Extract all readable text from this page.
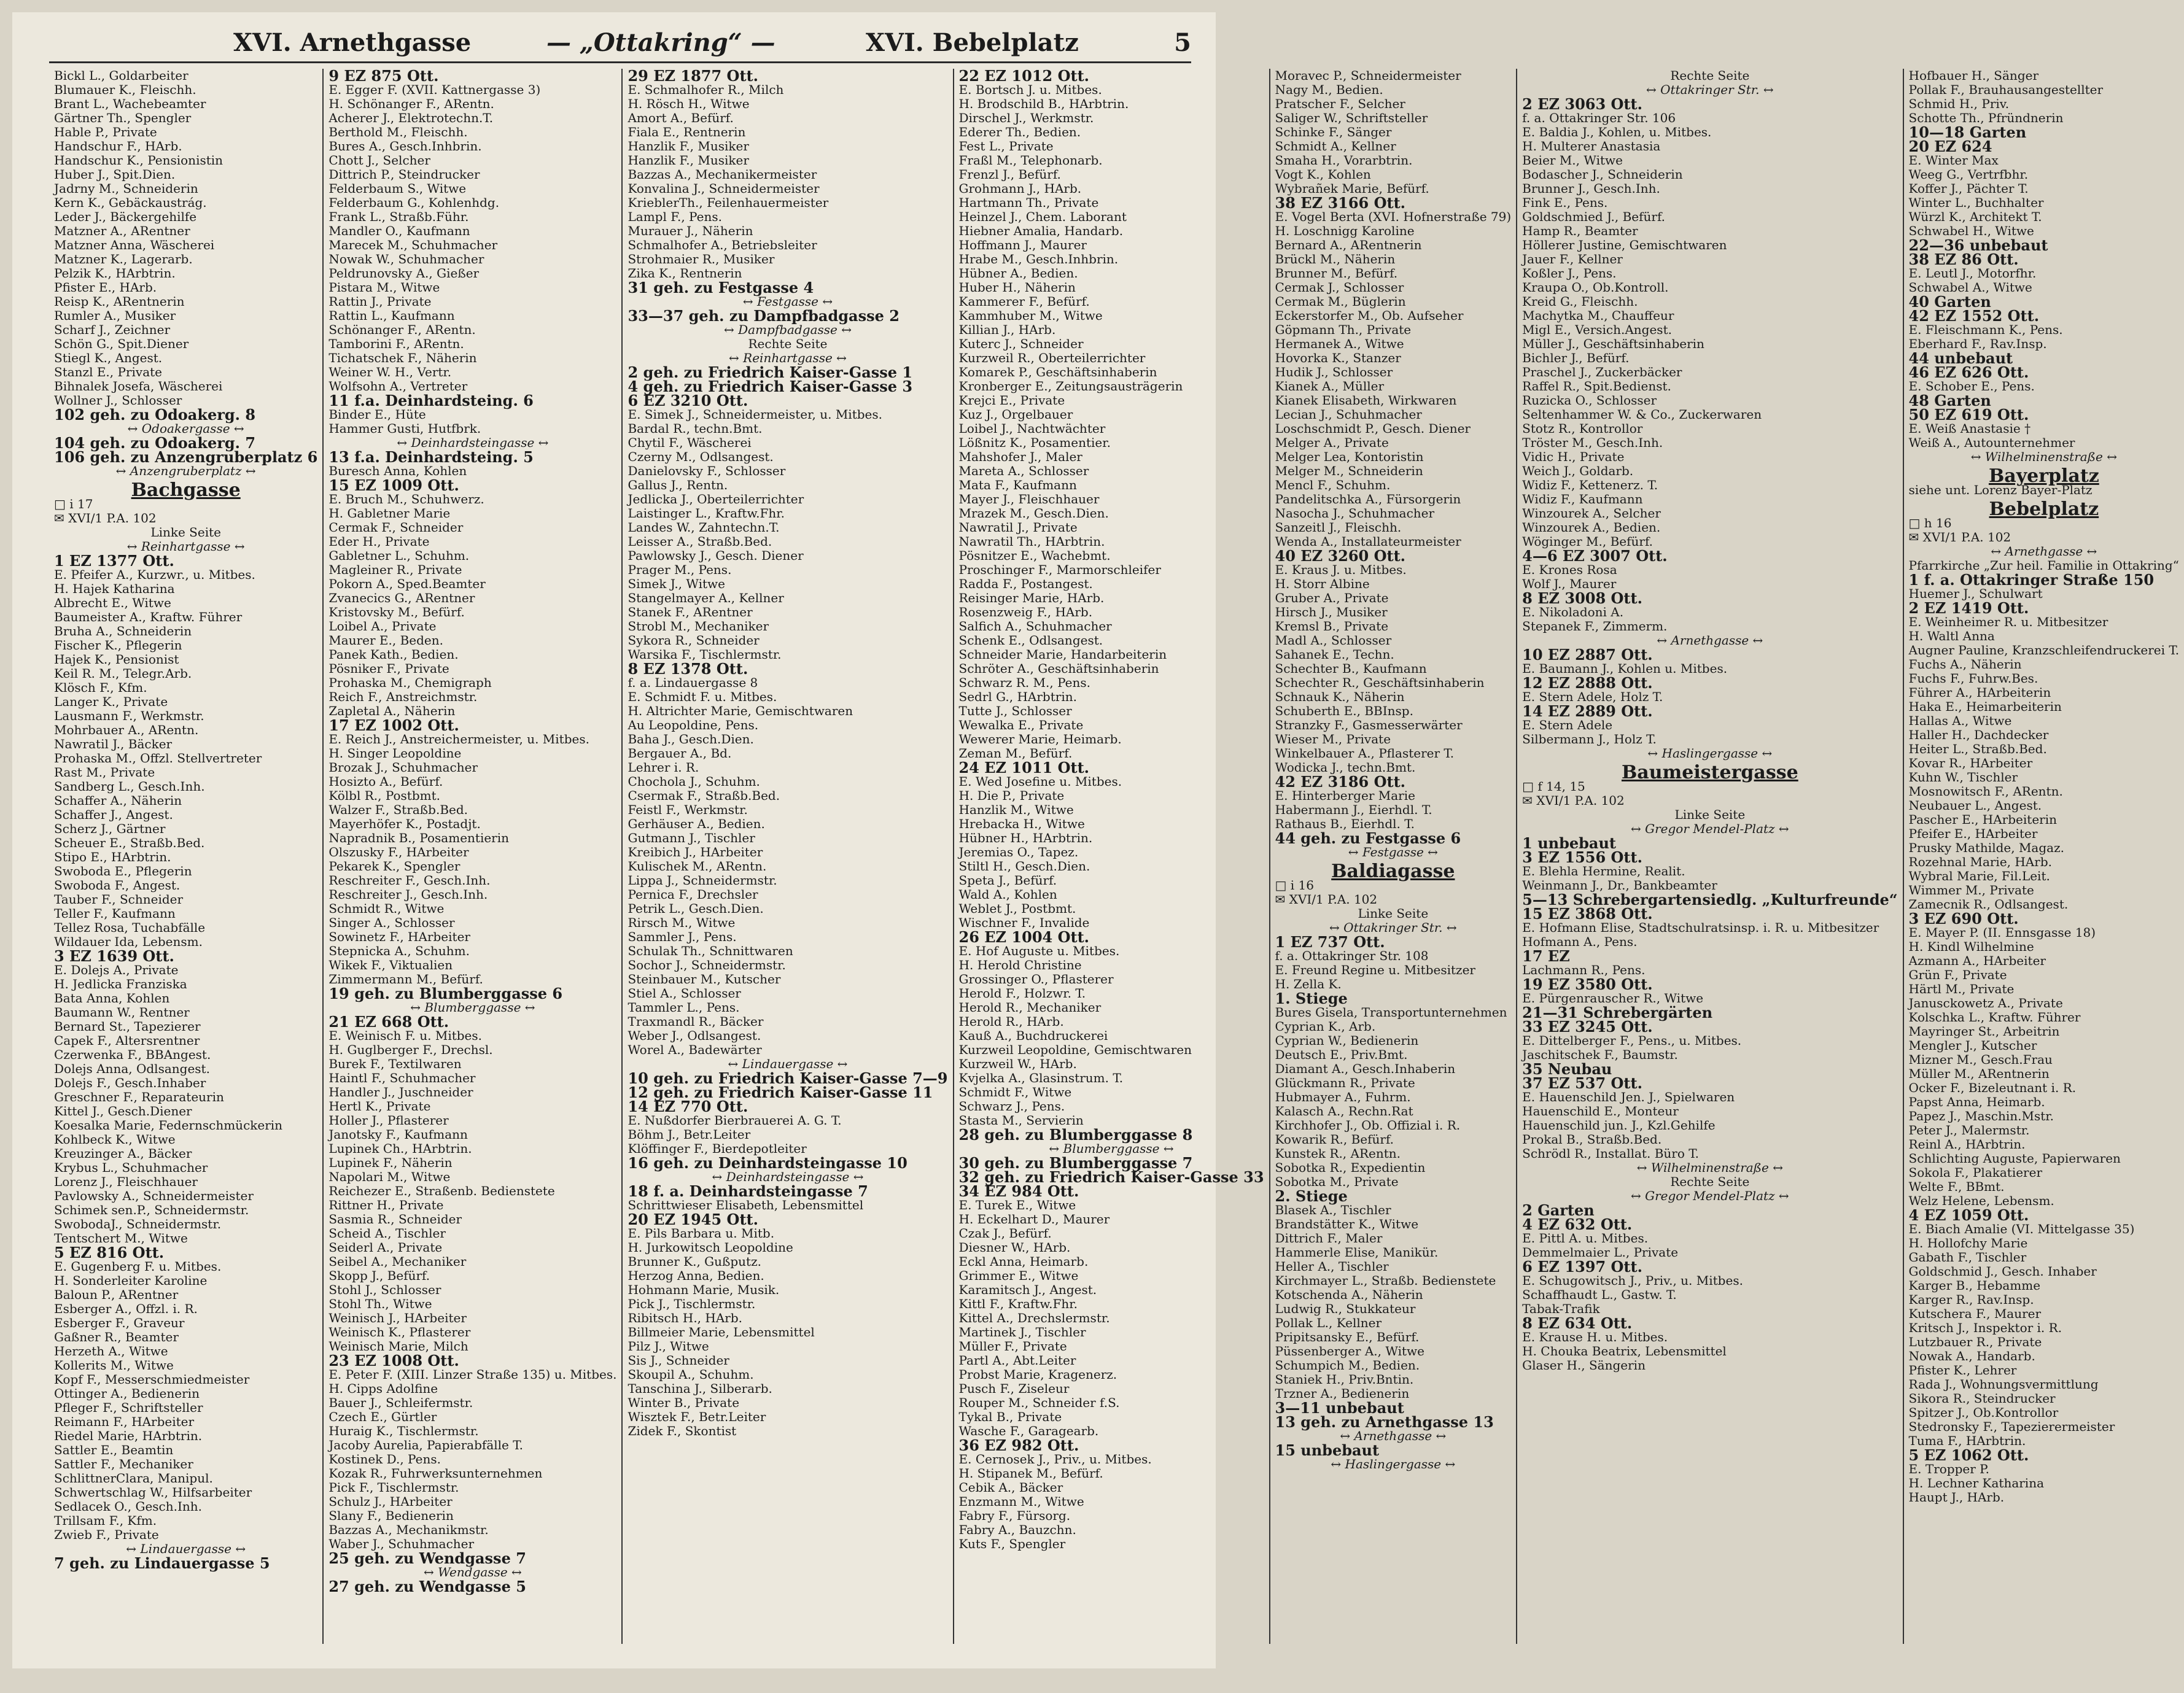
XVI. Arnethgasse	— „Ottakring“ —	XVI. Bebelplatz	5
Bickl L., Goldarbeiter
Blumauer K., Fleischh.
Brant L., Wachebeamter
Gärtner Th., Spengler
Hable P., Private
Handschur F., HArb.
Handschur K., Pensionistin
Huber J., Spit.Dien.
Jadrny M., Schneiderin
Kern K., Gebäckaustrág.
Leder J., Bäckergehilfe
Matzner A., ARentner
Matzner Anna, Wäscherei
Matzner K., Lagerarb.
Pelzik K., HArbtrin.
Pfister E., HArb.
Reisp K., ARentnerin
Rumler A., Musiker
Scharf J., Zeichner
Schön G., Spit.Diener
Stiegl K., Angest.
Stanzl E., Private
Bihnalek Josefa, Wäscherei
Wollner J., Schlosser
102 geh. zu Odoakerg. 8
↔ Odoakergasse ↔
104 geh. zu Odoakerg. 7
106 geh. zu Anzengruberplatz 6
↔ Anzengruberplatz ↔
Bachgasse
□ i 17
✉ XVI/1 P.A. 102
Linke Seite
↔ Reinhartgasse ↔
1 EZ 1377 Ott.
E. Pfeifer A., Kurzwr., u. Mitbes.
H. Hajek Katharina
Albrecht E., Witwe
Baumeister A., Kraftw. Führer
Bruha A., Schneiderin
Fischer K., Pflegerin
Hajek K., Pensionist
Keil R. M., Telegr.Arb.
Klösch F., Kfm.
Langer K., Private
Lausmann F., Werkmstr.
Mohrbauer A., ARentn.
Nawratil J., Bäcker
Prohaska M., Offzl. Stellvertreter
Rast M., Private
Sandberg L., Gesch.Inh.
Schaffer A., Näherin
Schaffer J., Angest.
Scherz J., Gärtner
Scheuer E., Straßb.Bed.
Stipo E., HArbtrin.
Swoboda E., Pflegerin
Swoboda F., Angest.
Tauber F., Schneider
Teller F., Kaufmann
Tellez Rosa, Tuchabfälle
Wildauer Ida, Lebensm.
3 EZ 1639 Ott.
E. Dolejs A., Private
H. Jedlicka Franziska
Bata Anna, Kohlen
Baumann W., Rentner
Bernard St., Tapezierer
Capek F., Altersrentner
Czerwenka F., BBAngest.
Dolejs Anna, Odlsangest.
Dolejs F., Gesch.Inhaber
Greschner F., Reparateurin
Kittel J., Gesch.Diener
Koesalka Marie, Federnschmückerin
Kohlbeck K., Witwe
Kreuzinger A., Bäcker
Krybus L., Schuhmacher
Lorenz J., Fleischhauer
Pavlowsky A., Schneidermeister
Schimek sen.P., Schneidermstr.
SwobodaJ., Schneidermstr.
Tentschert M., Witwe
5 EZ 816 Ott.
E. Gugenberg F. u. Mitbes.
H. Sonderleiter Karoline
Baloun P., ARentner
Esberger A., Offzl. i. R.
Esberger F., Graveur
Gaßner R., Beamter
Herzeth A., Witwe
Kollerits M., Witwe
Kopf F., Messerschmiedmeister
Ottinger A., Bedienerin
Pfleger F., Schriftsteller
Reimann F., HArbeiter
Riedel Marie, HArbtrin.
Sattler E., Beamtin
Sattler F., Mechaniker
SchlittnerClara, Manipul.
Schwertschlag W., Hilfsarbeiter
Sedlacek O., Gesch.Inh.
Trillsam F., Kfm.
Zwieb F., Private
↔ Lindauergasse ↔
7 geh. zu Lindauergasse 5
9 EZ 875 Ott.
E. Egger F. (XVII. Kattnergasse 3)
H. Schönanger F., ARentn.
Acherer J., Elektrotechn.T.
Berthold M., Fleischh.
Bures A., Gesch.Inhbrin.
Chott J., Selcher
Dittrich P., Steindrucker
Felderbaum S., Witwe
Felderbaum G., Kohlenhdg.
Frank L., Straßb.Führ.
Mandler O., Kaufmann
Marecek M., Schuhmacher
Nowak W., Schuhmacher
Peldrunovsky A., Gießer
Pistara M., Witwe
Rattin J., Private
Rattin L., Kaufmann
Schönanger F., ARentn.
Tamborini F., ARentn.
Tichatschek F., Näherin
Weiner W. H., Vertr.
Wolfsohn A., Vertreter
11 f.a. Deinhardsteing. 6
Binder E., Hüte
Hammer Gusti, Hutfbrk.
↔ Deinhardsteingasse ↔
13 f.a. Deinhardsteing. 5
Buresch Anna, Kohlen
15 EZ 1009 Ott.
E. Bruch M., Schuhwerz.
H. Gabletner Marie
Cermak F., Schneider
Eder H., Private
Gabletner L., Schuhm.
Magleiner R., Private
Pokorn A., Sped.Beamter
Zvanecics G., ARentner
Kristovsky M., Befürf.
Loibel A., Private
Maurer E., Beden.
Panek Kath., Bedien.
Pösniker F., Private
Prohaska M., Chemigraph
Reich F., Anstreichmstr.
Zapletal A., Näherin
17 EZ 1002 Ott.
E. Reich J., Anstreichermeister, u. Mitbes.
H. Singer Leopoldine
Brozak J., Schuhmacher
Hosizto A., Befürf.
Kölbl R., Postbmt.
Walzer F., Straßb.Bed.
Mayerhöfer K., Postadjt.
Napradnik B., Posamentierin
Olszusky F., HArbeiter
Pekarek K., Spengler
Reschreiter F., Gesch.Inh.
Reschreiter J., Gesch.Inh.
Schmidt R., Witwe
Singer A., Schlosser
Sowinetz F., HArbeiter
Stepnicka A., Schuhm.
Wikek F., Viktualien
Zimmermann M., Befürf.
19 geh. zu Blumberggasse 6
↔ Blumberggasse ↔
21 EZ 668 Ott.
E. Weinisch F. u. Mitbes.
H. Guglberger F., Drechsl.
Burek F., Textilwaren
Haintl F., Schuhmacher
Handler J., Juschneider
Hertl K., Private
Holler J., Pflasterer
Janotsky F., Kaufmann
Lupinek Ch., HArbtrin.
Lupinek F., Näherin
Napolari M., Witwe
Reichezer E., Straßenb. Bedienstete
Rittner H., Private
Sasmia R., Schneider
Scheid A., Tischler
Seiderl A., Private
Seibel A., Mechaniker
Skopp J., Befürf.
Stohl J., Schlosser
Stohl Th., Witwe
Weinisch J., HArbeiter
Weinisch K., Pflasterer
Weinisch Marie, Milch
23 EZ 1008 Ott.
E. Peter F. (XIII. Linzer Straße 135) u. Mitbes.
H. Cipps Adolfine
Bauer J., Schleifermstr.
Czech E., Gürtler
Huraig K., Tischlermstr.
Jacoby Aurelia, Papierabfälle T.
Kostinek D., Pens.
Kozak R., Fuhrwerksunternehmen
Pick F., Tischlermstr.
Schulz J., HArbeiter
Slany F., Bedienerin
Bazzas A., Mechanikmstr.
Waber J., Schuhmacher
25 geh. zu Wendgasse 7
↔ Wendgasse ↔
27 geh. zu Wendgasse 5
29 EZ 1877 Ott.
E. Schmalhofer R., Milch
H. Rösch H., Witwe
Amort A., Befürf.
Fiala E., Rentnerin
Hanzlik F., Musiker
Hanzlik F., Musiker
Bazzas A., Mechanikermeister
Konvalina J., Schneidermeister
KrieblerTh., Feilenhauermeister
Lampl F., Pens.
Murauer J., Näherin
Schmalhofer A., Betriebsleiter
Strohmaier R., Musiker
Zika K., Rentnerin
31 geh. zu Festgasse 4
↔ Festgasse ↔
33—37 geh. zu Dampfbadgasse 2
↔ Dampfbadgasse ↔
Rechte Seite
↔ Reinhartgasse ↔
2 geh. zu Friedrich Kaiser-Gasse 1
4 geh. zu Friedrich Kaiser-Gasse 3
6 EZ 3210 Ott.
E. Simek J., Schneidermeister, u. Mitbes.
Bardal R., techn.Bmt.
Chytil F., Wäscherei
Czerny M., Odlsangest.
Danielovsky F., Schlosser
Gallus J., Rentn.
Jedlicka J., Oberteilerrichter
Laistinger L., Kraftw.Fhr.
Landes W., Zahntechn.T.
Leisser A., Straßb.Bed.
Pawlowsky J., Gesch. Diener
Prager M., Pens.
Simek J., Witwe
Stangelmayer A., Kellner
Stanek F., ARentner
Strobl M., Mechaniker
Sykora R., Schneider
Warsika F., Tischlermstr.
8 EZ 1378 Ott.
f. a. Lindauergasse 8
E. Schmidt F. u. Mitbes.
H. Altrichter Marie, Gemischtwaren
Au Leopoldine, Pens.
Baha J., Gesch.Dien.
Bergauer A., Bd.
Lehrer i. R.
Chochola J., Schuhm.
Csermak F., Straßb.Bed.
Feistl F., Werkmstr.
Gerhäuser A., Bedien.
Gutmann J., Tischler
Kreibich J., HArbeiter
Kulischek M., ARentn.
Lippa J., Schneidermstr.
Pernica F., Drechsler
Petrik L., Gesch.Dien.
Rirsch M., Witwe
Sammler J., Pens.
Schulak Th., Schnittwaren
Sochor J., Schneidermstr.
Steinbauer M., Kutscher
Stiel A., Schlosser
Tammler L., Pens.
Traxmandl R., Bäcker
Weber J., Odlsangest.
Worel A., Badewärter
↔ Lindauergasse ↔
10 geh. zu Friedrich Kaiser-Gasse 7—9
12 geh. zu Friedrich Kaiser-Gasse 11
14 EZ 770 Ott.
E. Nußdorfer Bierbrauerei A. G. T.
Böhm J., Betr.Leiter
Klöffinger F., Bierdepotleiter
16 geh. zu Deinhardsteingasse 10
↔ Deinhardsteingasse ↔
18 f. a. Deinhardsteingasse 7
Schrittwieser Elisabeth, Lebensmittel
20 EZ 1945 Ott.
E. Pils Barbara u. Mitb.
H. Jurkowitsch Leopoldine
Brunner K., Gußputz.
Herzog Anna, Bedien.
Hohmann Marie, Musik.
Pick J., Tischlermstr.
Ribitsch H., HArb.
Billmeier Marie, Lebensmittel
Pilz J., Witwe
Sis J., Schneider
Skoupil A., Schuhm.
Tanschina J., Silberarb.
Winter B., Private
Wisztek F., Betr.Leiter
Zidek F., Skontist
22 EZ 1012 Ott.
E. Bortsch J. u. Mitbes.
H. Brodschild B., HArbtrin.
Dirschel J., Werkmstr.
Ederer Th., Bedien.
Fest L., Private
Fraßl M., Telephonarb.
Frenzl J., Befürf.
Grohmann J., HArb.
Hartmann Th., Private
Heinzel J., Chem. Laborant
Hiebner Amalia, Handarb.
Hoffmann J., Maurer
Hrabe M., Gesch.Inhbrin.
Hübner A., Bedien.
Huber H., Näherin
Kammerer F., Befürf.
Kammhuber M., Witwe
Killian J., HArb.
Kuterc J., Schneider
Kurzweil R., Oberteilerrichter
Komarek P., Geschäftsinhaberin
Kronberger E., Zeitungsausträgerin
Krejci E., Private
Kuz J., Orgelbauer
Loibel J., Nachtwächter
Lößnitz K., Posamentier.
Mahshofer J., Maler
Mareta A., Schlosser
Mata F., Kaufmann
Mayer J., Fleischhauer
Mrazek M., Gesch.Dien.
Nawratil J., Private
Nawratil Th., HArbtrin.
Pösnitzer E., Wachebmt.
Proschinger F., Marmorschleifer
Radda F., Postangest.
Reisinger Marie, HArb.
Rosenzweig F., HArb.
Salfich A., Schuhmacher
Schenk E., Odlsangest.
Schneider Marie, Handarbeiterin
Schröter A., Geschäftsinhaberin
Schwarz R. M., Pens.
Sedrl G., HArbtrin.
Tutte J., Schlosser
Wewalka E., Private
Wewerer Marie, Heimarb.
Zeman M., Befürf.
24 EZ 1011 Ott.
E. Wed Josefine u. Mitbes.
H. Die P., Private
Hanzlik M., Witwe
Hrebacka H., Witwe
Hübner H., HArbtrin.
Jeremias O., Tapez.
Stiltl H., Gesch.Dien.
Speta J., Befürf.
Wald A., Kohlen
Weblet J., Postbmt.
Wischner F., Invalide
26 EZ 1004 Ott.
E. Hof Auguste u. Mitbes.
H. Herold Christine
Grossinger O., Pflasterer
Herold F., Holzwr. T.
Herold R., Mechaniker
Herold R., HArb.
Kauß A., Buchdruckerei
Kurzweil Leopoldine, Gemischtwaren
Kurzweil W., HArb.
Kvjelka A., Glasinstrum. T.
Schmidt F., Witwe
Schwarz J., Pens.
Stasta M., Servierin
28 geh. zu Blumberggasse 8
↔ Blumberggasse ↔
30 geh. zu Blumberggasse 7
32 geh. zu Friedrich Kaiser-Gasse 33
34 EZ 984 Ott.
E. Turek E., Witwe
H. Eckelhart D., Maurer
Czak J., Befürf.
Diesner W., HArb.
Eckl Anna, Heimarb.
Grimmer E., Witwe
Karamitsch J., Angest.
Kittl F., Kraftw.Fhr.
Kittel A., Drechslermstr.
Martinek J., Tischler
Müller F., Private
Partl A., Abt.Leiter
Probst Marie, Kragenerz.
Pusch F., Ziseleur
Rouper M., Schneider f.S.
Tykal B., Private
Wasche F., Garagearb.
36 EZ 982 Ott.
E. Cernosek J., Priv., u. Mitbes.
H. Stipanek M., Befürf.
Cebik A., Bäcker
Enzmann M., Witwe
Fabry F., Fürsorg.
Fabry A., Bauzchn.
Kuts F., Spengler
Moravec P., Schneidermeister
Nagy M., Bedien.
Pratscher F., Selcher
Saliger W., Schriftsteller
Schinke F., Sänger
Schmidt A., Kellner
Smaha H., Vorarbtrin.
Vogt K., Kohlen
Wybrañek Marie, Befürf.
38 EZ 3166 Ott.
E. Vogel Berta (XVI. Hofnerstraße 79)
H. Loschnigg Karoline
Bernard A., ARentnerin
Brückl M., Näherin
Brunner M., Befürf.
Cermak J., Schlosser
Cermak M., Büglerin
Eckerstorfer M., Ob. Aufseher
Göpmann Th., Private
Hermanek A., Witwe
Hovorka K., Stanzer
Hudik J., Schlosser
Kianek A., Müller
Kianek Elisabeth, Wirkwaren
Lecian J., Schuhmacher
Loschschmidt P., Gesch. Diener
Melger A., Private
Melger Lea, Kontoristin
Melger M., Schneiderin
Mencl F., Schuhm.
Pandelitschka A., Fürsorgerin
Nasocha J., Schuhmacher
Sanzeitl J., Fleischh.
Wenda A., Installateurmeister
40 EZ 3260 Ott.
E. Kraus J. u. Mitbes.
H. Storr Albine
Gruber A., Private
Hirsch J., Musiker
Kremsl B., Private
Madl A., Schlosser
Sahanek E., Techn.
Schechter B., Kaufmann
Schechter R., Geschäftsinhaberin
Schnauk K., Näherin
Schuberth E., BBInsp.
Stranzky F., Gasmesserwärter
Wieser M., Private
Winkelbauer A., Pflasterer T.
Wodicka J., techn.Bmt.
42 EZ 3186 Ott.
E. Hinterberger Marie
Habermann J., Eierhdl. T.
Rathaus B., Eierhdl. T.
44 geh. zu Festgasse 6
↔ Festgasse ↔
Baldiagasse
□ i 16
✉ XVI/1 P.A. 102
Linke Seite
↔ Ottakringer Str. ↔
1 EZ 737 Ott.
f. a. Ottakringer Str. 108
E. Freund Regine u. Mitbesitzer
H. Zella K.
1. Stiege
Bures Gisela, Transportunternehmen
Cyprian K., Arb.
Cyprian W., Bedienerin
Deutsch E., Priv.Bmt.
Diamant A., Gesch.Inhaberin
Glückmann R., Private
Hubmayer A., Fuhrm.
Kalasch A., Rechn.Rat
Kirchhofer J., Ob. Offizial i. R.
Kowarik R., Befürf.
Kunstek R., ARentn.
Sobotka R., Expedientin
Sobotka M., Private
2. Stiege
Blasek A., Tischler
Brandstätter K., Witwe
Dittrich F., Maler
Hammerle Elise, Manikür.
Heller A., Tischler
Kirchmayer L., Straßb. Bedienstete
Kotschenda A., Näherin
Ludwig R., Stukkateur
Pollak L., Kellner
Pripitsansky E., Befürf.
Püssenberger A., Witwe
Schumpich M., Bedien.
Staniek H., Priv.Bntin.
Trzner A., Bedienerin
3—11 unbebaut
13 geh. zu Arnethgasse 13
↔ Arnethgasse ↔
15 unbebaut
↔ Haslingergasse ↔
Rechte Seite
↔ Ottakringer Str. ↔
2 EZ 3063 Ott.
f. a. Ottakringer Str. 106
E. Baldia J., Kohlen, u. Mitbes.
H. Multerer Anastasia
Beier M., Witwe
Bodascher J., Schneiderin
Brunner J., Gesch.Inh.
Fink E., Pens.
Goldschmied J., Befürf.
Hamp R., Beamter
Höllerer Justine, Gemischtwaren
Jauer F., Kellner
Koßler J., Pens.
Kraupa O., Ob.Kontroll.
Kreid G., Fleischh.
Machytka M., Chauffeur
Migl E., Versich.Angest.
Müller J., Geschäftsinhaberin
Bichler J., Befürf.
Praschel J., Zuckerbäcker
Raffel R., Spit.Bedienst.
Ruzicka O., Schlosser
Seltenhammer W. & Co., Zuckerwaren
Stotz R., Kontrollor
Tröster M., Gesch.Inh.
Vidic H., Private
Weich J., Goldarb.
Widiz F., Kettenerz. T.
Widiz F., Kaufmann
Winzourek A., Selcher
Winzourek A., Bedien.
Wöginger M., Befürf.
4—6 EZ 3007 Ott.
E. Krones Rosa
Wolf J., Maurer
8 EZ 3008 Ott.
E. Nikoladoni A.
Stepanek F., Zimmerm.
↔ Arnethgasse ↔
10 EZ 2887 Ott.
E. Baumann J., Kohlen u. Mitbes.
12 EZ 2888 Ott.
E. Stern Adele, Holz T.
14 EZ 2889 Ott.
E. Stern Adele
Silbermann J., Holz T.
↔ Haslingergasse ↔
Baumeistergasse
□ f 14, 15
✉ XVI/1 P.A. 102
Linke Seite
↔ Gregor Mendel-Platz ↔
1 unbebaut
3 EZ 1556 Ott.
E. Blehla Hermine, Realit.
Weinmann J., Dr., Bankbeamter
5—13 Schrebergartensiedlg. „Kulturfreunde“
15 EZ 3868 Ott.
E. Hofmann Elise, Stadtschulratsinsp. i. R. u. Mitbesitzer
Hofmann A., Pens.
17 EZ
Lachmann R., Pens.
19 EZ 3580 Ott.
E. Pürgenrauscher R., Witwe
21—31 Schrebergärten
33 EZ 3245 Ott.
E. Dittelberger F., Pens., u. Mitbes.
Jaschitschek F., Baumstr.
35 Neubau
37 EZ 537 Ott.
E. Hauenschild Jen. J., Spielwaren
Hauenschild E., Monteur
Hauenschild jun. J., Kzl.Gehilfe
Prokal B., Straßb.Bed.
Schrödl R., Installat. Büro T.
↔ Wilhelminenstraße ↔
Rechte Seite
↔ Gregor Mendel-Platz ↔
2 Garten
4 EZ 632 Ott.
E. Pittl A. u. Mitbes.
Demmelmaier L., Private
6 EZ 1397 Ott.
E. Schugowitsch J., Priv., u. Mitbes.
Schaffhaudt L., Gastw. T.
Tabak-Trafik
8 EZ 634 Ott.
E. Krause H. u. Mitbes.
H. Chouka Beatrix, Lebensmittel
Glaser H., Sängerin
Hofbauer H., Sänger
Pollak F., Brauhausangestellter
Schmid H., Priv.
Schotte Th., Pfründnerin
10—18 Garten
20 EZ 624
E. Winter Max
Weeg G., Vertrfbhr.
Koffer J., Pächter T.
Winter L., Buchhalter
Würzl K., Architekt T.
Schwabel H., Witwe
22—36 unbebaut
38 EZ 86 Ott.
E. Leutl J., Motorfhr.
Schwabel A., Witwe
40 Garten
42 EZ 1552 Ott.
E. Fleischmann K., Pens.
Eberhard F., Rav.Insp.
44 unbebaut
46 EZ 626 Ott.
E. Schober E., Pens.
48 Garten
50 EZ 619 Ott.
E. Weiß Anastasie †
Weiß A., Autounternehmer
↔ Wilhelminenstraße ↔
Bayerplatz
siehe unt. Lorenz Bayer-Platz
Bebelplatz
□ h 16
✉ XVI/1 P.A. 102
↔ Arnethgasse ↔
Pfarrkirche „Zur heil. Familie in Ottakring“
1 f. a. Ottakringer Straße 150
Huemer J., Schulwart
2 EZ 1419 Ott.
E. Weinheimer R. u. Mitbesitzer
H. Waltl Anna
Augner Pauline, Kranzschleifendruckerei T.
Fuchs A., Näherin
Fuchs F., Fuhrw.Bes.
Führer A., HArbeiterin
Haka E., Heimarbeiterin
Hallas A., Witwe
Haller H., Dachdecker
Heiter L., Straßb.Bed.
Kovar R., HArbeiter
Kuhn W., Tischler
Mosnowitsch F., ARentn.
Neubauer L., Angest.
Pascher E., HArbeiterin
Pfeifer E., HArbeiter
Prusky Mathilde, Magaz.
Rozehnal Marie, HArb.
Wybral Marie, Fil.Leit.
Wimmer M., Private
Zamecnik R., Odlsangest.
3 EZ 690 Ott.
E. Mayer P. (II. Ennsgasse 18)
H. Kindl Wilhelmine
Azmann A., HArbeiter
Grün F., Private
Härtl M., Private
Janusckowetz A., Private
Kolschka L., Kraftw. Führer
Mayringer St., Arbeitrin
Mengler J., Kutscher
Mizner M., Gesch.Frau
Müller M., ARentnerin
Ocker F., Bizeleutnant i. R.
Papst Anna, Heimarb.
Papez J., Maschin.Mstr.
Peter J., Malermstr.
Reinl A., HArbtrin.
Schlichting Auguste, Papierwaren
Sokola F., Plakatierer
Welte F., BBmt.
Welz Helene, Lebensm.
4 EZ 1059 Ott.
E. Biach Amalie (VI. Mittelgasse 35)
H. Hollofchy Marie
Gabath F., Tischler
Goldschmid J., Gesch. Inhaber
Karger B., Hebamme
Karger R., Rav.Insp.
Kutschera F., Maurer
Kritsch J., Inspektor i. R.
Lutzbauer R., Private
Nowak A., Handarb.
Pfister K., Lehrer
Rada J., Wohnungsvermittlung
Sikora R., Steindrucker
Spitzer J., Ob.Kontrollor
Stedronsky F., Tapezierermeister
Tuma F., HArbtrin.
5 EZ 1062 Ott.
E. Tropper P.
H. Lechner Katharina
Haupt J., HArb.
